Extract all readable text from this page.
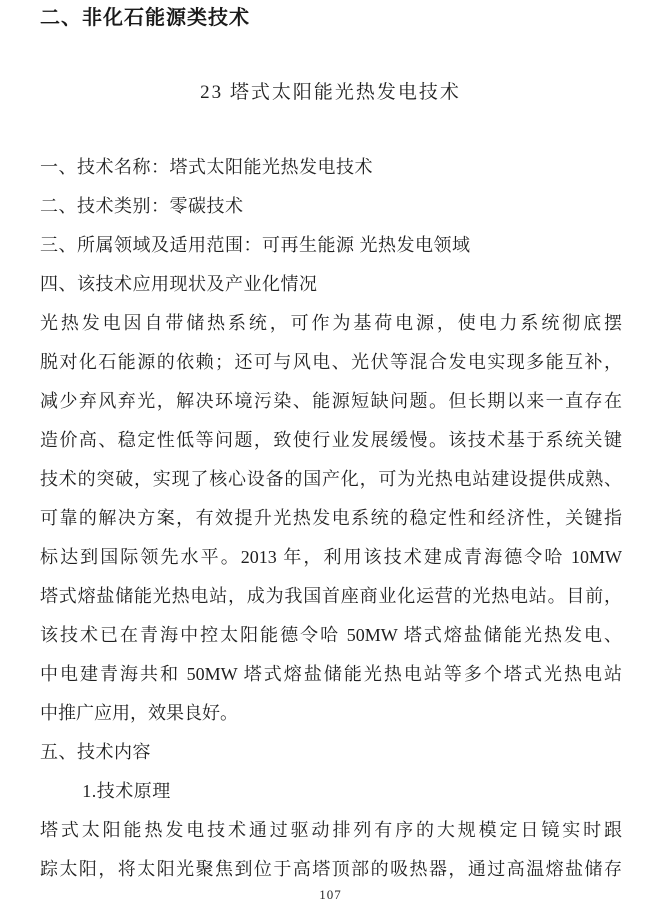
二、非化石能源类技术
23 塔式太阳能光热发电技术
一、技术名称：塔式太阳能光热发电技术
二、技术类别：零碳技术
三、所属领域及适用范围：可再生能源 光热发电领域
四、该技术应用现状及产业化情况
光热发电因自带储热系统，可作为基荷电源，使电力系统彻底摆
脱对化石能源的依赖；还可与风电、光伏等混合发电实现多能互补，
减少弃风弃光，解决环境污染、能源短缺问题。但长期以来一直存在
造价高、稳定性低等问题，致使行业发展缓慢。该技术基于系统关键
技术的突破，实现了核心设备的国产化，可为光热电站建设提供成熟、
可靠的解决方案，有效提升光热发电系统的稳定性和经济性，关键指
标达到国际领先水平。2013 年，利用该技术建成青海德令哈 10MW
塔式熔盐储能光热电站，成为我国首座商业化运营的光热电站。目前，
该技术已在青海中控太阳能德令哈 50MW 塔式熔盐储能光热发电、
中电建青海共和 50MW 塔式熔盐储能光热电站等多个塔式光热电站
中推广应用，效果良好。
五、技术内容
1.技术原理
塔式太阳能热发电技术通过驱动排列有序的大规模定日镜实时跟
踪太阳，将太阳光聚焦到位于高塔顶部的吸热器，通过高温熔盐储存
107
